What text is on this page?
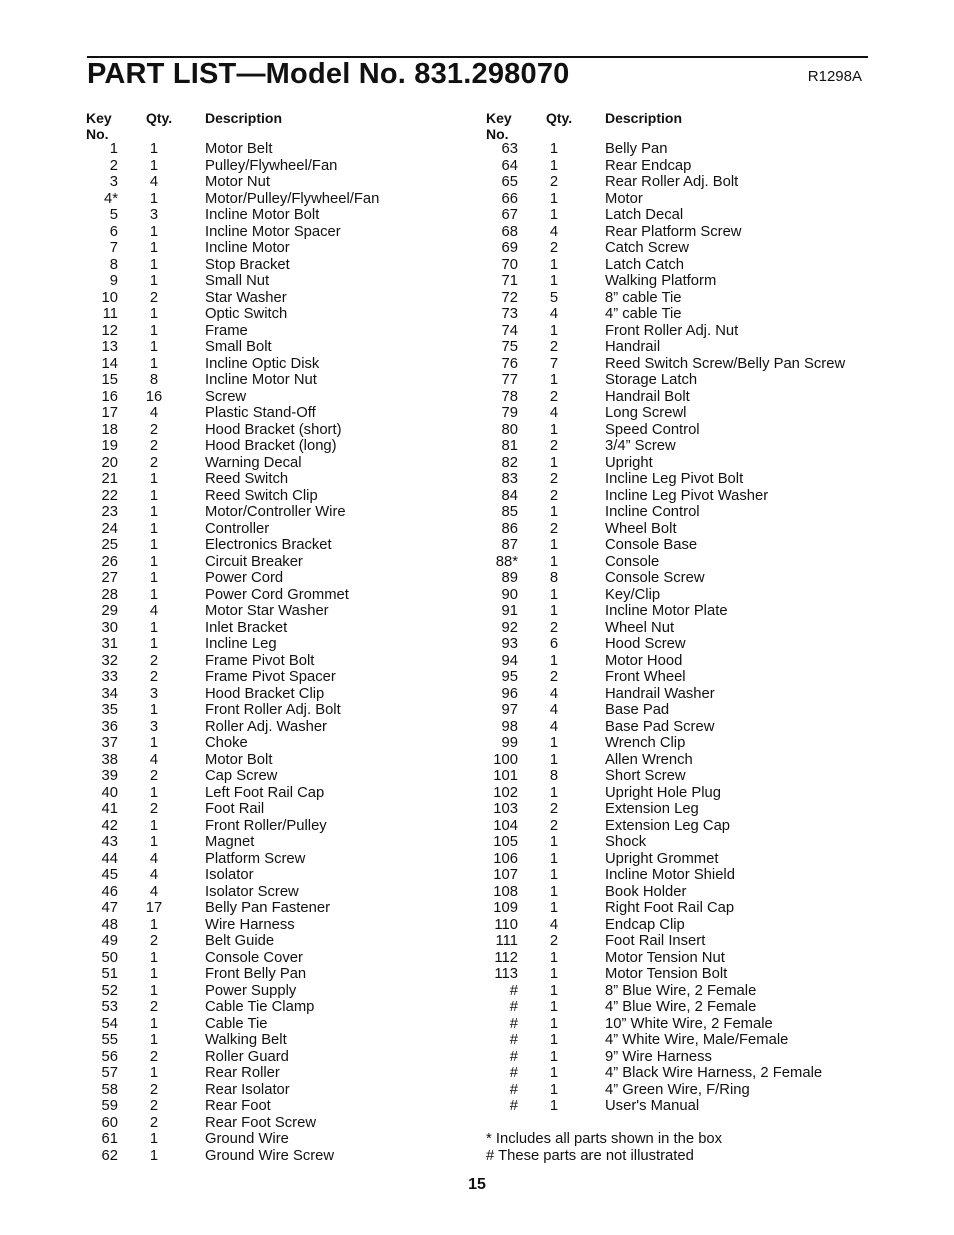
PART LIST—Model No. 831.298070	R1298A
Key No.
Qty. Description
1	1	Motor Belt
2	1	Pulley/Flywheel/Fan
3	4	Motor Nut
4*	1	Motor/Pulley/Flywheel/Fan
5	3	Incline Motor Bolt
6	1	Incline Motor Spacer
7	1	Incline Motor
8	1	Stop Bracket
9	1	Small Nut
10	2	Star Washer
11	1	Optic Switch
12	1	Frame
13	1	Small Bolt
14	1	Incline Optic Disk
15	8	Incline Motor Nut
16 16	Screw
17	4	Plastic Stand-Off
18	2	Hood Bracket (short)
19	2	Hood Bracket (long)
20	2	Warning Decal
21	1	Reed Switch
22	1	Reed Switch Clip
23	1	Motor/Controller Wire
24	1	Controller
25	1	Electronics Bracket
26	1	Circuit Breaker
27	1	Power Cord
28	1	Power Cord Grommet
29	4	Motor Star Washer
30	1	Inlet Bracket
31	1	Incline Leg
32	2	Frame Pivot Bolt
33	2	Frame Pivot Spacer
34	3	Hood Bracket Clip
35	1	Front Roller Adj. Bolt
36	3	Roller Adj. Washer
37	1	Choke
38	4	Motor Bolt
39	2	Cap Screw
40	1	Left Foot Rail Cap
41	2	Foot Rail
42	1	Front Roller/Pulley
43	1	Magnet
44	4	Platform Screw
45	4	Isolator
46	4	Isolator Screw
47 17	Belly Pan Fastener
48	1	Wire Harness
49	2	Belt Guide
50	1	Console Cover
51	1	Front Belly Pan
52	1	Power Supply
53	2	Cable Tie Clamp
54	1	Cable Tie
55	1	Walking Belt
56	2	Roller Guard
57	1	Rear Roller
58	2	Rear Isolator
59	2	Rear Foot
60	2	Rear Foot Screw
61	1	Ground Wire
62	1	Ground Wire Screw
Key No.
Qty. Description
63	1	Belly Pan
64	1	Rear Endcap
65	2	Rear Roller Adj. Bolt
66	1	Motor
67	1	Latch Decal
68	4	Rear Platform Screw
69	2	Catch Screw
70	1	Latch Catch
71	1	Walking Platform
72	5	8” cable Tie
73	4	4” cable Tie
74	1	Front Roller Adj. Nut
75	2	Handrail
76	7	Reed Switch Screw/Belly Pan Screw
77	1	Storage Latch
78	2	Handrail Bolt
79	4	Long Screwl
80	1	Speed Control
81	2	3/4” Screw
82	1	Upright
83	2	Incline Leg Pivot Bolt
84	2	Incline Leg Pivot Washer
85	1	Incline Control
86	2	Wheel Bolt
87	1	Console Base
88*	1	Console
89	8	Console Screw
90	1	Key/Clip
91	1	Incline Motor Plate
92	2	Wheel Nut
93	6	Hood Screw
94	1	Motor Hood
95	2	Front Wheel
96	4	Handrail Washer
97	4	Base Pad
98	4	Base Pad Screw
99	1	Wrench Clip
100	1	Allen Wrench
101	8	Short Screw
102	1	Upright Hole Plug
103	2	Extension Leg
104	2	Extension Leg Cap
105	1	Shock
106	1	Upright Grommet
107	1	Incline Motor Shield
108	1	Book Holder
109	1	Right Foot Rail Cap
110	4	Endcap Clip
111	2	Foot Rail Insert
112	1	Motor Tension Nut
113	1	Motor Tension Bolt
#	1	8” Blue Wire, 2 Female
#	1	4” Blue Wire, 2 Female
#	1	10” White Wire, 2 Female
#	1	4” White Wire, Male/Female
#	1	9” Wire Harness
#	1	4” Black Wire Harness, 2 Female
#	1	4” Green Wire, F/Ring
#	1	User's Manual
* Includes all parts shown in the box
# These parts are not illustrated
15
